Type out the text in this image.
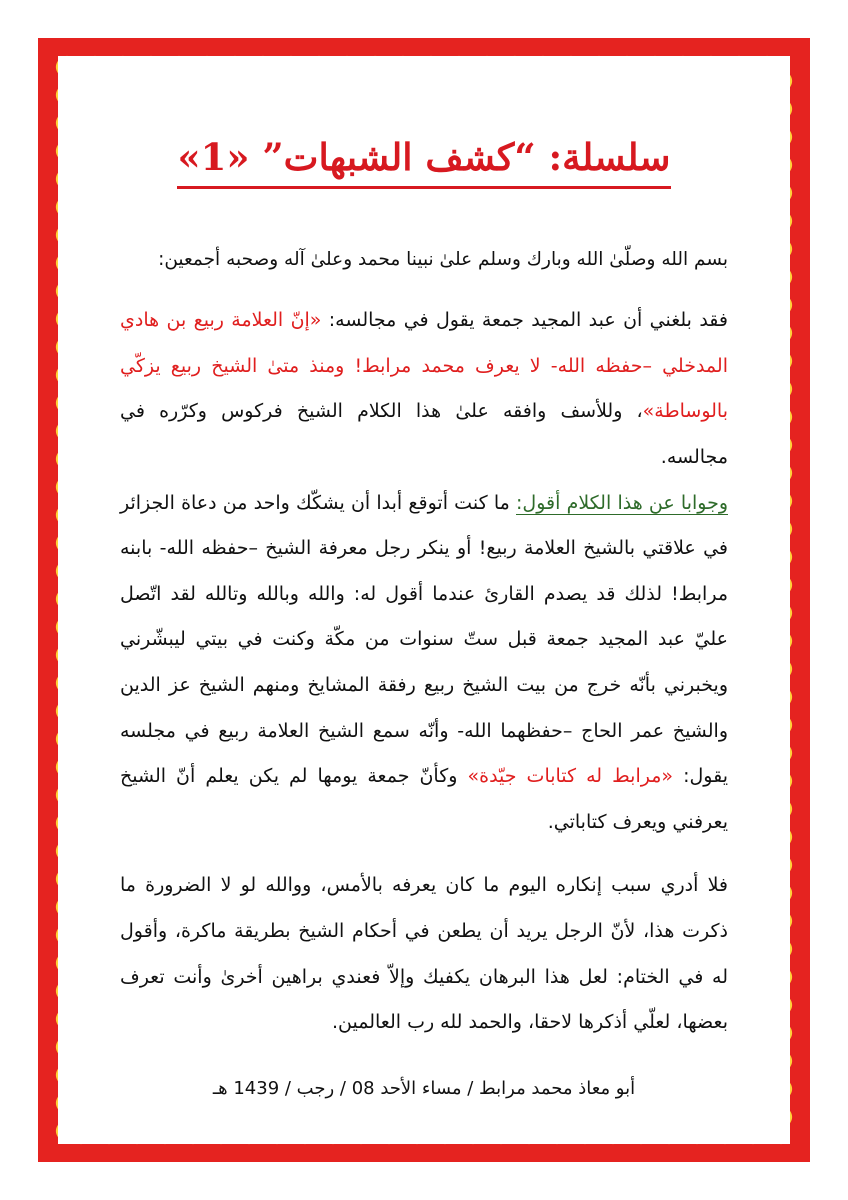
سلسلة: “كشف الشبهات” «1»
بسم الله وصلّىٰ الله وبارك وسلم علىٰ نبينا محمد وعلىٰ آله وصحبه أجمعين:
فقد بلغني أن عبد المجيد جمعة يقول في مجالسه: «إنّ العلامة ربيع بن هادي المدخلي –حفظه الله- لا يعرف محمد مرابط! ومنذ متىٰ الشيخ ربيع يزكّي بالوساطة»، وللأسف وافقه علىٰ هذا الكلام الشيخ فركوس وكرّره في مجالسه.
وجوابا عن هذا الكلام أقول: ما كنت أتوقع أبدا أن يشكّك واحد من دعاة الجزائر في علاقتي بالشيخ العلامة ربيع! أو ينكر رجل معرفة الشيخ –حفظه الله- بابنه مرابط! لذلك قد يصدم القارئ عندما أقول له: والله وبالله وتالله لقد اتّصل عليّ عبد المجيد جمعة قبل ستّ سنوات من مكّة وكنت في بيتي ليبشّرني ويخبرني بأنّه خرج من بيت الشيخ ربيع رفقة المشايخ ومنهم الشيخ عز الدين والشيخ عمر الحاج –حفظهما الله- وأنّه سمع الشيخ العلامة ربيع في مجلسه يقول: «مرابط له كتابات جيّدة» وكأنّ جمعة يومها لم يكن يعلم أنّ الشيخ يعرفني ويعرف كتاباتي.
فلا أدري سبب إنكاره اليوم ما كان يعرفه بالأمس، ووالله لو لا الضرورة ما ذكرت هذا، لأنّ الرجل يريد أن يطعن في أحكام الشيخ بطريقة ماكرة، وأقول له في الختام: لعل هذا البرهان يكفيك وإلاّ فعندي براهين أخرىٰ وأنت تعرف بعضها، لعلّي أذكرها لاحقا، والحمد لله رب العالمين.
أبو معاذ محمد مرابط / مساء الأحد 08 / رجب / 1439 هـ
